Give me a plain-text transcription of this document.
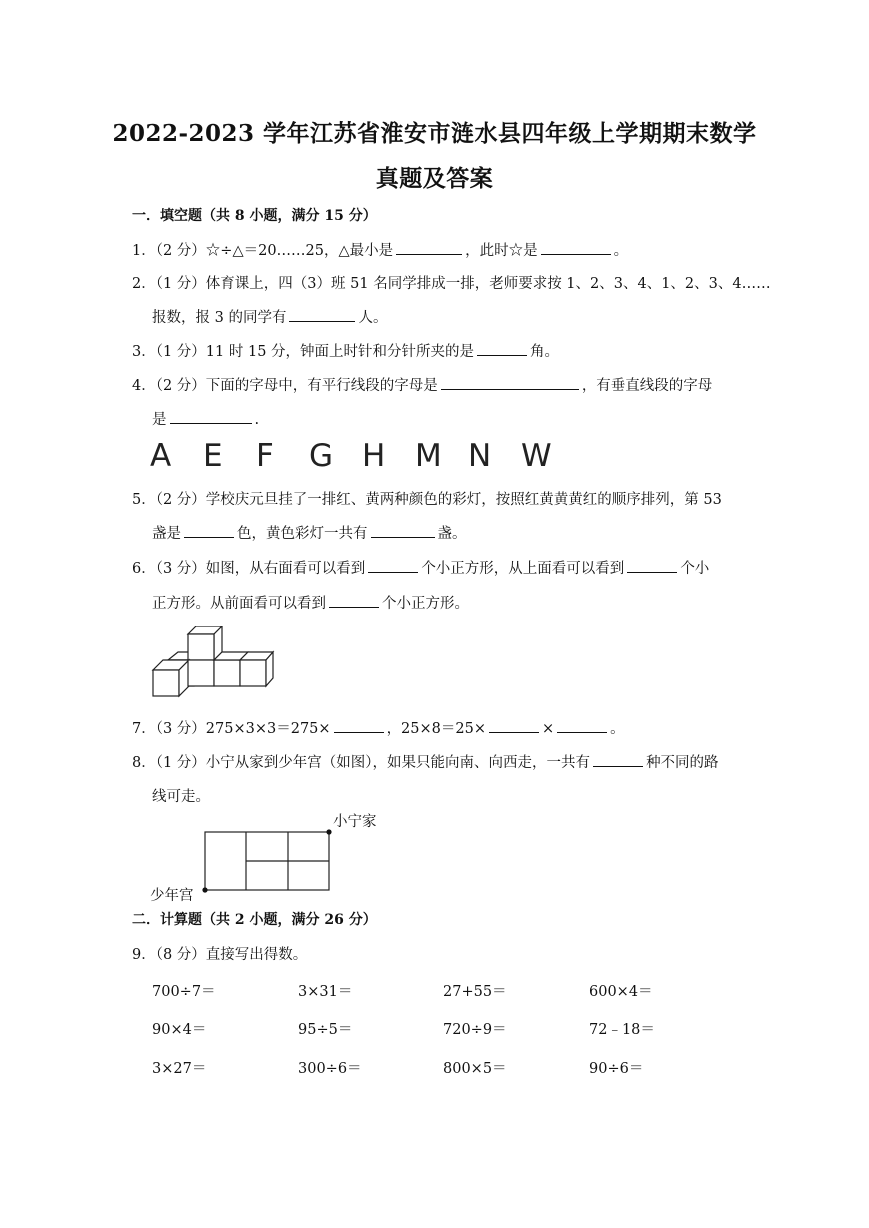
2022-2023 学年江苏省淮安市涟水县四年级上学期期末数学
真题及答案
一．填空题（共 8 小题，满分 15 分）
1．（2 分）☆÷△＝20……25，△最小是	，此时☆是	。
2．（1 分）体育课上，四（3）班 51 名同学排成一排，老师要求按 1、2、3、4、1、2、3、4……
报数，报 3 的同学有	人。
3．（1 分）11 时 15 分，钟面上时针和分针所夹的是	角。
4．（2 分）下面的字母中，有平行线段的字母是	，有垂直线段的字母
是	.
A E F G H M N W
5．（2 分）学校庆元旦挂了一排红、黄两种颜色的彩灯，按照红黄黄黄红的顺序排列，第 53
盏是	色，黄色彩灯一共有	盏。
6．（3 分）如图，从右面看可以看到	个小正方形，从上面看可以看到	个小
正方形。从前面看可以看到	个小正方形。
7．（3 分）275×3×3＝275×	，25×8＝25×	×	。
8．（1 分）小宁从家到少年宫（如图），如果只能向南、向西走，一共有	种不同的路
线可走。
小宁家
少年宫
二．计算题（共 2 小题，满分 26 分）
9．（8 分）直接写出得数。
700÷7＝	3×31＝	27+55＝	600×4＝
90×4＝	95÷5＝	720÷9＝	72﹣18＝
3×27＝	300÷6＝	800×5＝	90÷6＝
